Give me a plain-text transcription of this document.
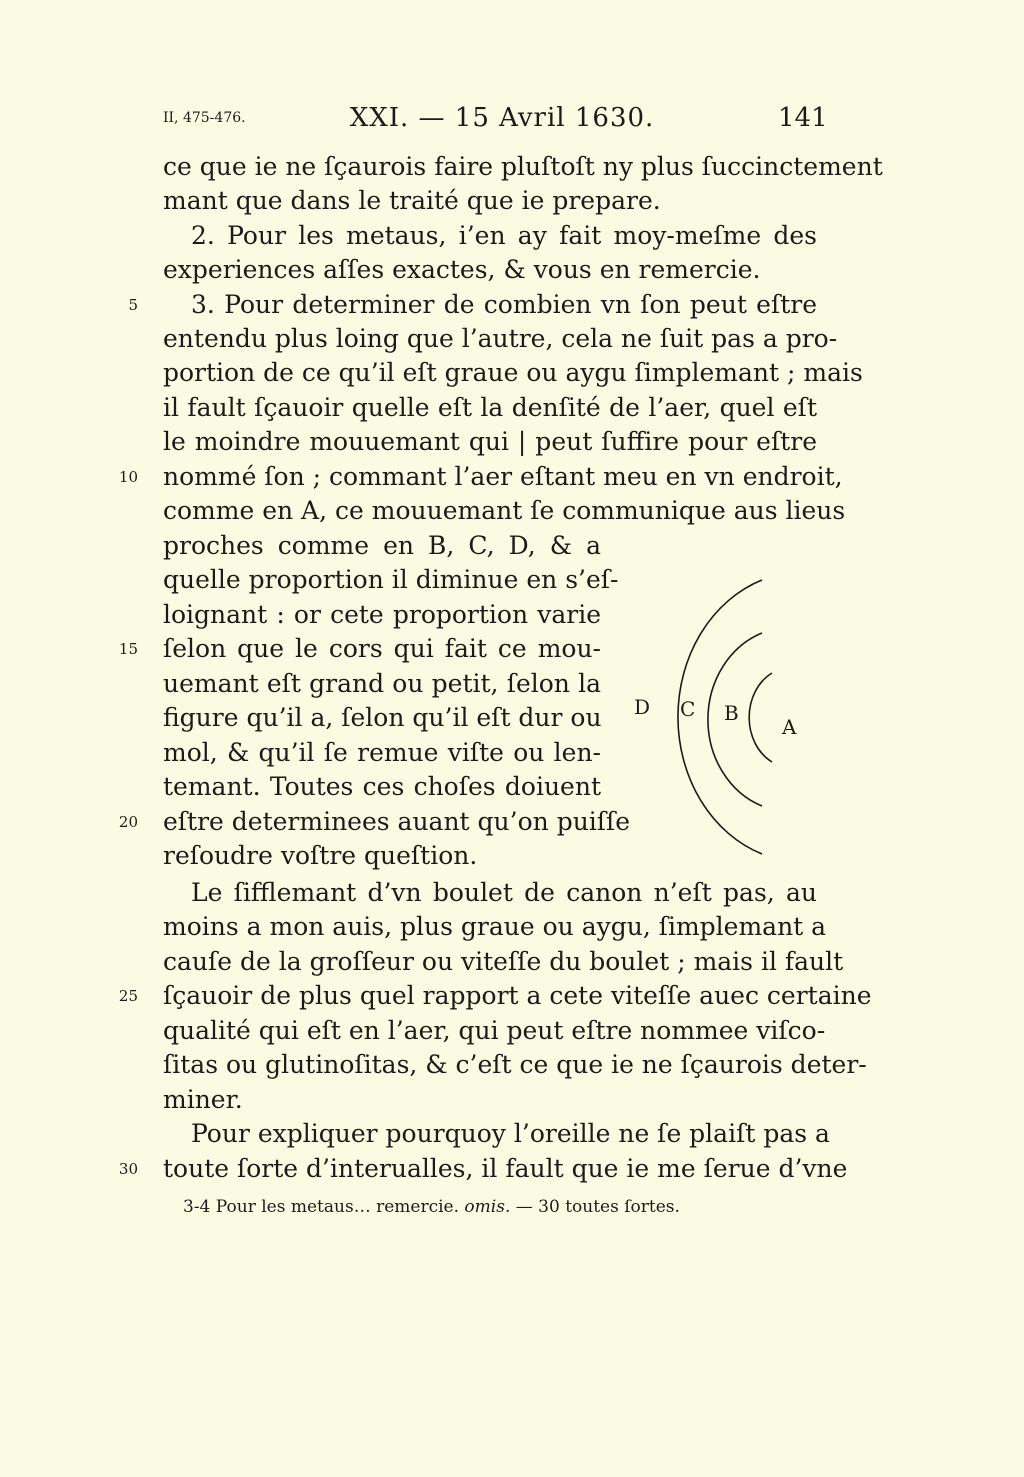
II, 475-476.	XXI. — 15 Avril 1630.	141
ce que ie ne ſçaurois faire pluſtoſt ny plus ſuccinctement
mant que dans le traité que ie prepare.
2. Pour les metaus, i’en ay fait moy-meſme des
experiences aſſes exactes, & vous en remercie.
3. Pour determiner de combien vn ſon peut eſtre
entendu plus loing que l’autre, cela ne ſuit pas a pro-
portion de ce qu’il eſt graue ou aygu ſimplemant ; mais
il fault ſçauoir quelle eſt la denſité de l’aer, quel eſt
le moindre mouuemant qui | peut ſuffire pour eſtre
nommé ſon ; commant l’aer eſtant meu en vn endroit,
comme en A, ce mouuemant ſe communique aus lieus
proches comme en B, C, D, & a
quelle proportion il diminue en s’eſ-
loignant : or cete proportion varie
ſelon que le cors qui fait ce mou-
uemant eſt grand ou petit, ſelon la
figure qu’il a, ſelon qu’il eſt dur ou
mol, & qu’il ſe remue viſte ou len-
temant. Toutes ces choſes doiuent
eſtre determinees auant qu’on puiſſe
reſoudre voſtre queſtion.
Le ſifflemant d’vn boulet de canon n’eſt pas, au
moins a mon auis, plus graue ou aygu, ſimplemant a
cauſe de la groſſeur ou viteſſe du boulet ; mais il fault
ſçauoir de plus quel rapport a cete viteſſe auec certaine
qualité qui eſt en l’aer, qui peut eſtre nommee viſco-
ſitas ou glutinoſitas, & c’eſt ce que ie ne ſçaurois deter-
miner.
Pour expliquer pourquoy l’oreille ne ſe plaiſt pas a
toute ſorte d’interualles, il fault que ie me ſerue d’vne
5
10
15
20
25
30
A
B
C
D
3-4 Pour les metaus… remercie. omis. — 30 toutes ſortes.
